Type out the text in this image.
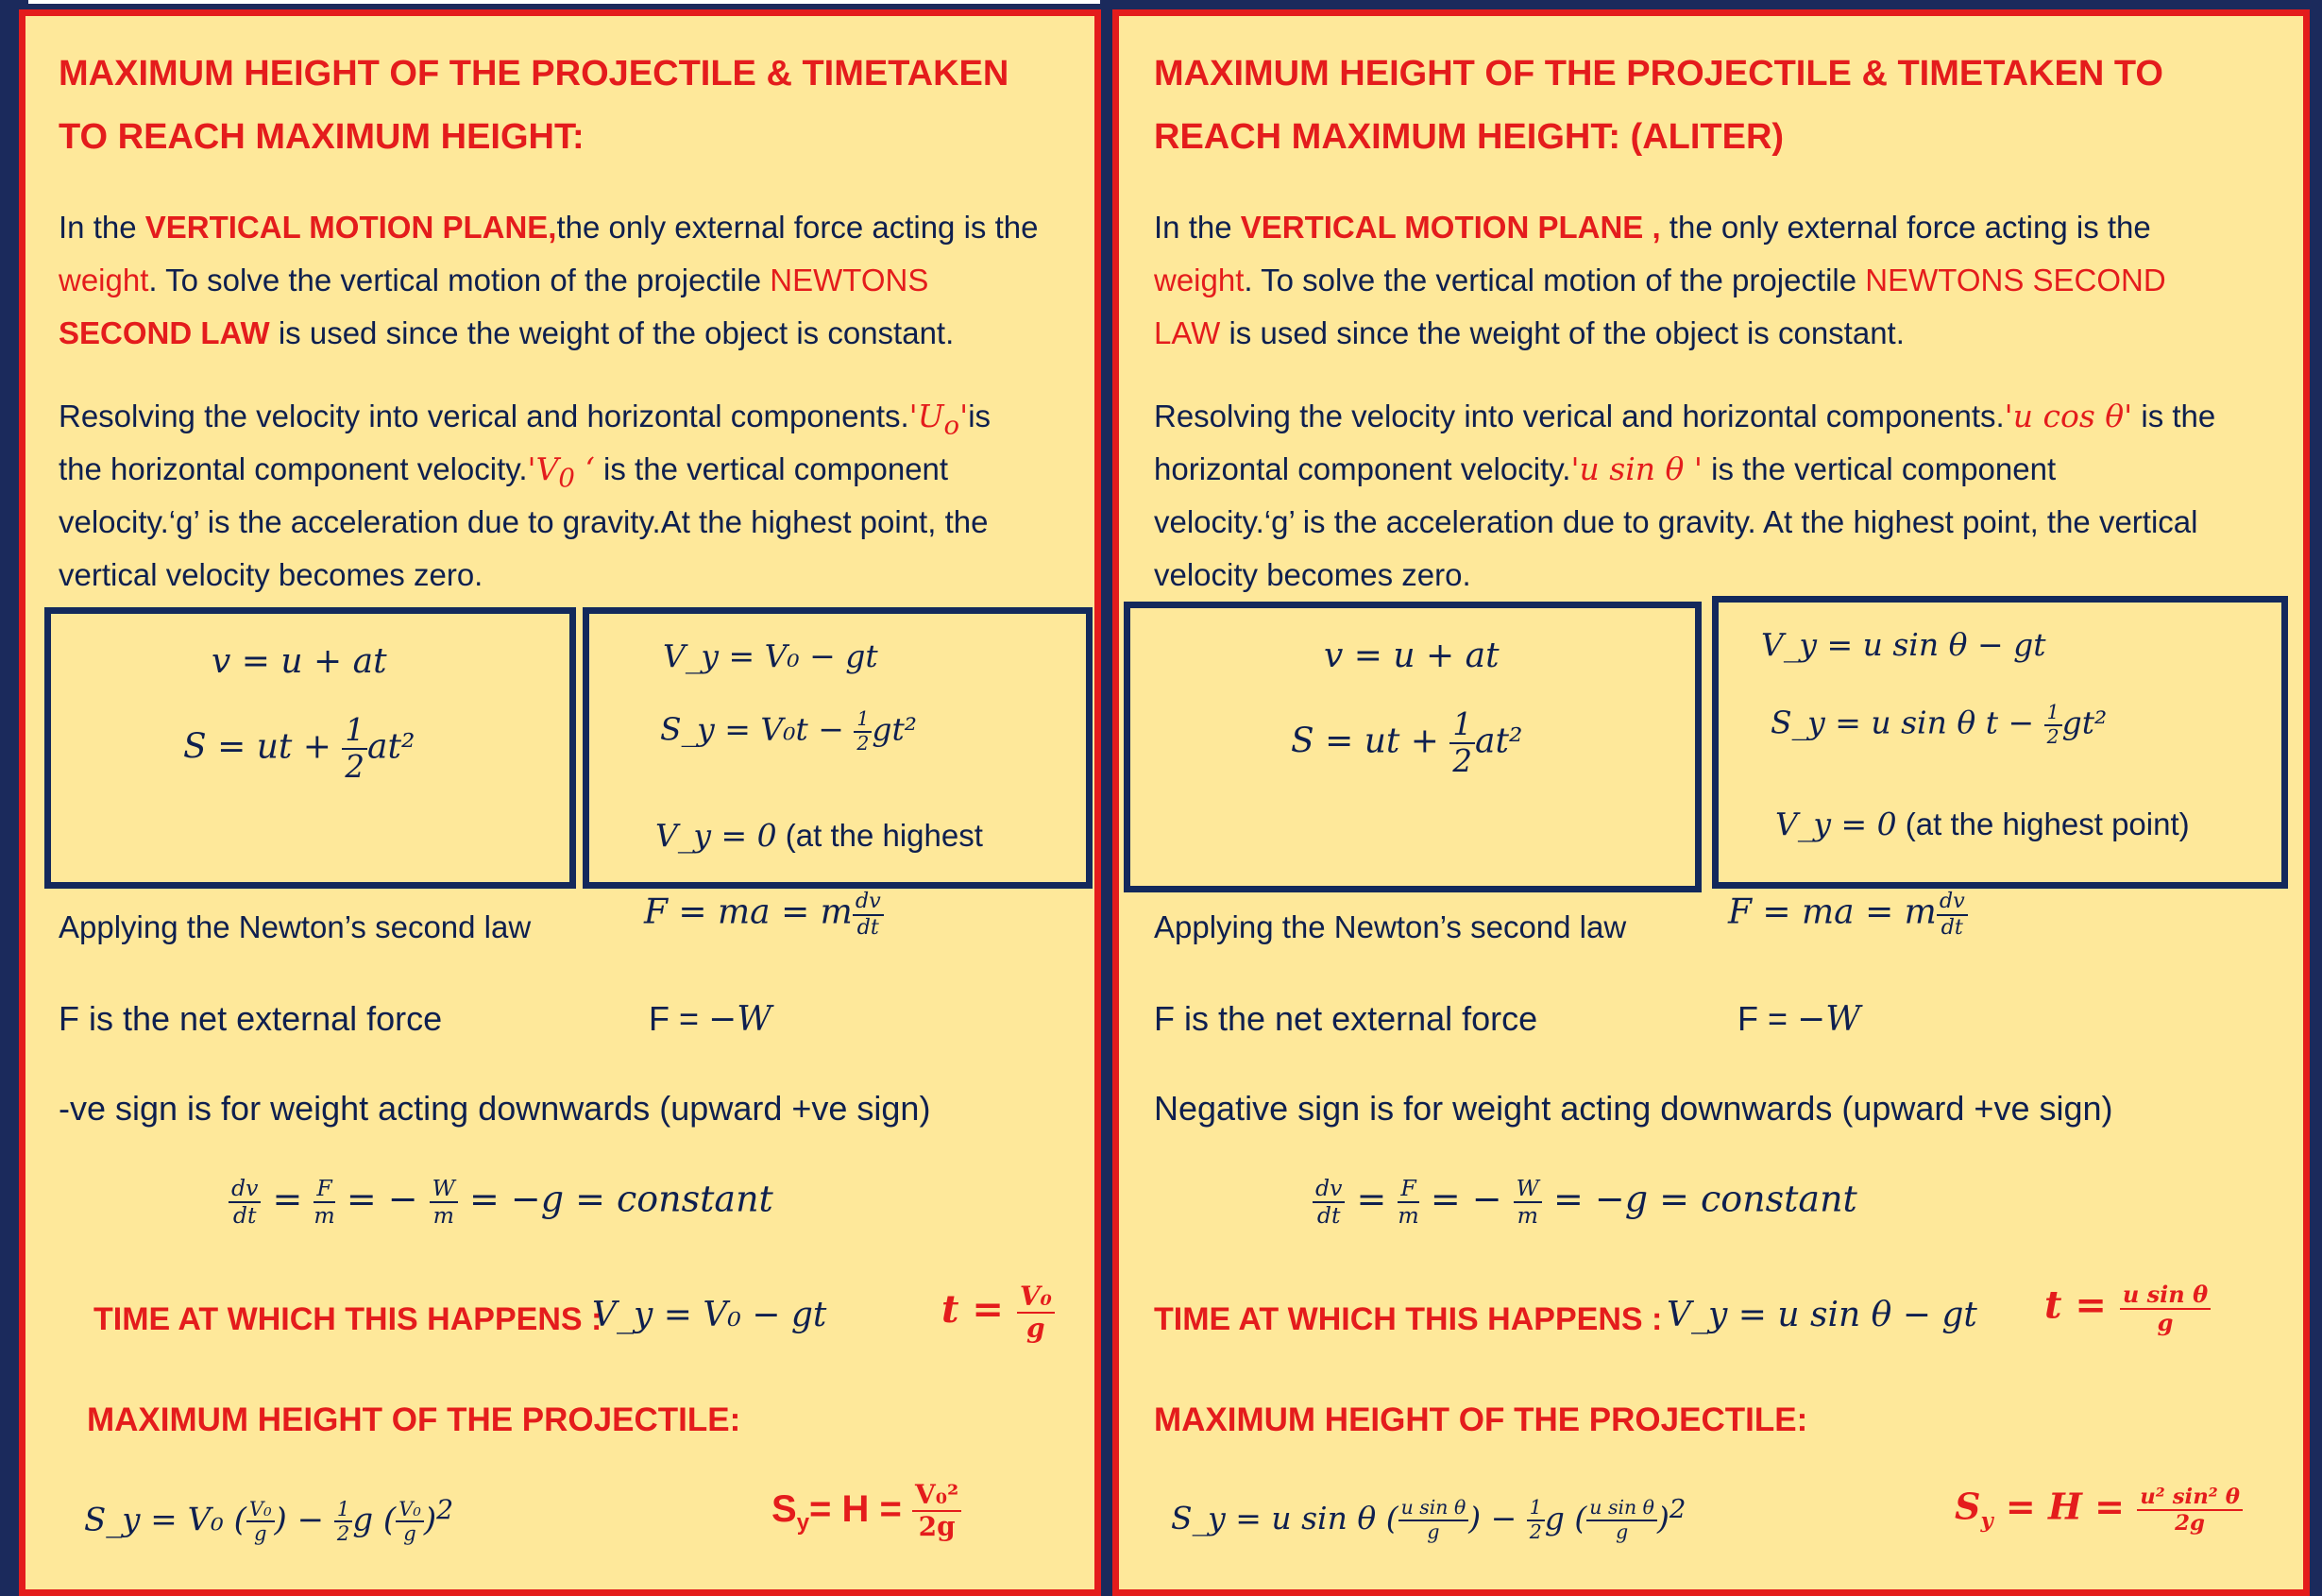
MAXIMUM HEIGHT OF THE PROJECTILE & TIMETAKEN
TO REACH MAXIMUM HEIGHT:
In the VERTICAL MOTION PLANE,the only external force acting is the
weight. To solve the vertical motion of the projectile NEWTONS
SECOND LAW is used since the weight of the object is constant.
Resolving the velocity into verical and horizontal $components.'U_o'is$
the horizontal component $velocity.'V_0$ ‘ is the vertical component
velocity.‘g’ is the acceleration due to gravity.At the highest point, the
vertical velocity becomes zero.
v = u + at
S = ut + $\frac{1}{2} at^2$
V_y = V₀ − gt
S_y = $V_0t - \frac{1}{2} gt^2$
V_y = 0 (at the highest
Applying the Newton’s second law	F = ma = m $\frac{dv}{dt}$
F is the net external force	F = −W
-ve sign is for weight acting downwards (upward +ve sign)
$\frac{dv}{dt} = \frac{F}{m}$ = − $\frac{W}{m} = -g$ = constant
TIME AT WHICH THIS HAPPENS :
V_y = V₀ − gt	$t = \frac{\text{V₀}}{g}$
MAXIMUM HEIGHT OF THE PROJECTILE:
S_y = V₀ ( $\frac{\text{V₀}}{g}$ ) − $\frac{1}{2}$ g ( $\frac{\text{V₀}}{g} )^2$	$S_y= H = \frac{\text{V₀²}}{2g}$
MAXIMUM HEIGHT OF THE PROJECTILE & TIMETAKEN TO
REACH MAXIMUM HEIGHT: (ALITER)
In the VERTICAL MOTION PLANE , the only external force acting is the
weight. To solve the vertical motion of the projectile NEWTONS SECOND
LAW is used since the weight of the object is constant.
Resolving the velocity into verical and horizontal components.'u cos θ' is the
horizontal component velocity.'u sin θ ' is the vertical component
velocity.‘g’ is the acceleration due to gravity. At the highest point, the vertical
velocity becomes zero.
v = u + at
S = ut + $\frac{1}{2} at^2$
V_y = u sin θ − gt
S_y = u sin θ $t - \frac{1}{2} gt^2$
V_y = 0 (at the highest point)
Applying the Newton’s second law	F = ma = m $\frac{dv}{dt}$
F is the net external force	F = −W
Negative sign is for weight acting downwards (upward +ve sign)
$\frac{dv}{dt} = \frac{F}{m}$ = − $\frac{W}{m} = -g$ = constant
TIME AT WHICH THIS HAPPENS : V_y = u sin θ − gt $t = \frac{\text{u sin θ}}{g}$
MAXIMUM HEIGHT OF THE PROJECTILE:
S_y = u sin θ ( $\frac{\text{u sin θ}}{g}$ ) − $\frac{1}{2}$ g ( $\frac{\text{u sin θ}}{g} )^2$	$S_y = H = \frac{\text{u² sin² θ}}{2g}$
